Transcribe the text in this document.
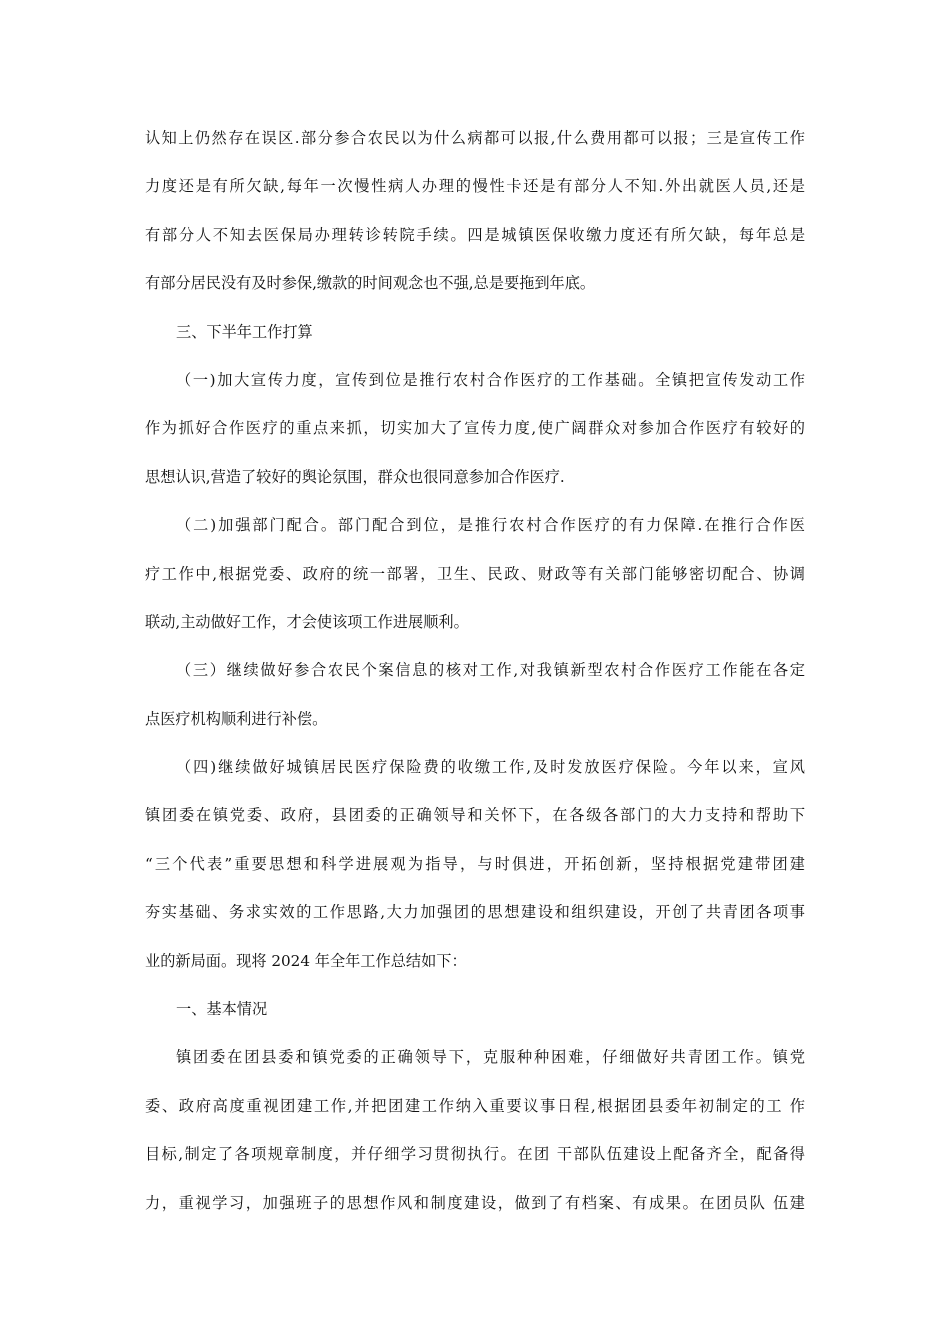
认知上仍然存在误区.部分参合农民以为什么病都可以报,什么费用都可以报；三是宣传工作
力度还是有所欠缺,每年一次慢性病人办理的慢性卡还是有部分人不知.外出就医人员,还是
有部分人不知去医保局办理转诊转院手续。四是城镇医保收缴力度还有所欠缺，每年总是
有部分居民没有及时参保,缴款的时间观念也不强,总是要拖到年底。
三、下半年工作打算
（一)加大宣传力度，宣传到位是推行农村合作医疗的工作基础。全镇把宣传发动工作
作为抓好合作医疗的重点来抓，切实加大了宣传力度,使广阔群众对参加合作医疗有较好的
思想认识,营造了较好的舆论氛围，群众也很同意参加合作医疗.
（二)加强部门配合。部门配合到位，是推行农村合作医疗的有力保障.在推行合作医
疗工作中,根据党委、政府的统一部署，卫生、民政、财政等有关部门能够密切配合、协调
联动,主动做好工作，才会使该项工作进展顺利。
（三）继续做好参合农民个案信息的核对工作,对我镇新型农村合作医疗工作能在各定
点医疗机构顺利进行补偿。
（四)继续做好城镇居民医疗保险费的收缴工作,及时发放医疗保险。今年以来，宣风
镇团委在镇党委、政府，县团委的正确领导和关怀下，在各级各部门的大力支持和帮助下
“三个代表”重要思想和科学进展观为指导，与时俱进，开拓创新，坚持根据党建带团建
夯实基础、务求实效的工作思路,大力加强团的思想建设和组织建设，开创了共青团各项事
业的新局面。现将 2024 年全年工作总结如下：
一、基本情况
镇团委在团县委和镇党委的正确领导下，克服种种困难，仔细做好共青团工作。镇党
委、政府高度重视团建工作,并把团建工作纳入重要议事日程,根据团县委年初制定的工 作
目标,制定了各项规章制度，并仔细学习贯彻执行。在团 干部队伍建设上配备齐全，配备得
力，重视学习，加强班子的思想作风和制度建设，做到了有档案、有成果。在团员队 伍建
